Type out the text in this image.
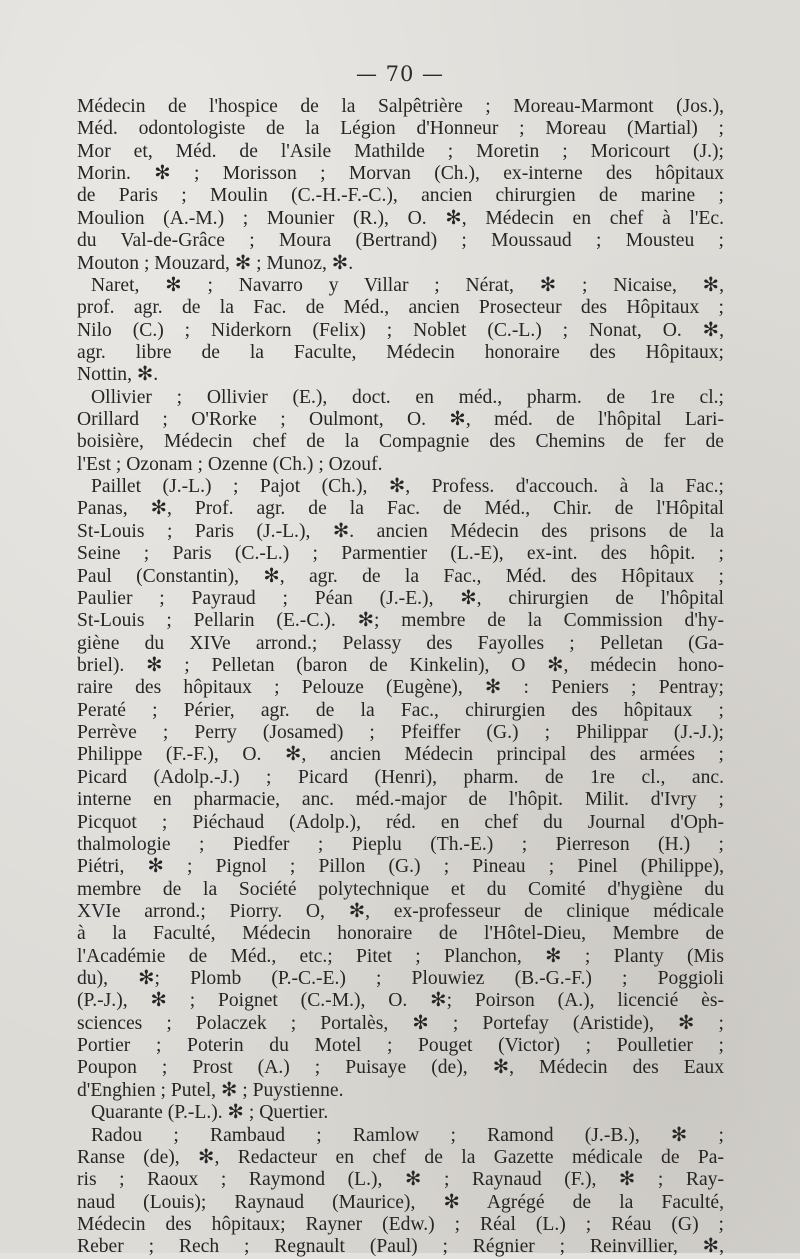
— 70 —
Médecin de l'hospice de la Salpêtrière ; Moreau-Marmont (Jos.),
Méd. odontologiste de la Légion d'Honneur ; Moreau (Martial) ;
Mor et, Méd. de l'Asile Mathilde ; Moretin ; Moricourt (J.);
Morin. ✻ ; Morisson ; Morvan (Ch.), ex-interne des hôpitaux
de Paris ; Moulin (C.-H.-F.-C.), ancien chirurgien de marine ;
Moulion (A.-M.) ; Mounier (R.), O. ✻, Médecin en chef à l'Ec.
du Val-de-Grâce ; Moura (Bertrand) ; Moussaud ; Mousteu ;
Mouton ; Mouzard, ✻ ; Munoz, ✻.
Naret, ✻ ; Navarro y Villar ; Nérat, ✻ ; Nicaise, ✻,
prof. agr. de la Fac. de Méd., ancien Prosecteur des Hôpitaux ;
Nilo (C.) ; Niderkorn (Felix) ; Noblet (C.-L.) ; Nonat, O. ✻,
agr. libre de la Faculte, Médecin honoraire des Hôpitaux;
Nottin, ✻.
Ollivier ; Ollivier (E.), doct. en méd., pharm. de 1re cl.;
Orillard ; O'Rorke ; Oulmont, O. ✻, méd. de l'hôpital Lari-
boisière, Médecin chef de la Compagnie des Chemins de fer de
l'Est ; Ozonam ; Ozenne (Ch.) ; Ozouf.
Paillet (J.-L.) ; Pajot (Ch.), ✻, Profess. d'accouch. à la Fac.;
Panas, ✻, Prof. agr. de la Fac. de Méd., Chir. de l'Hôpital
St-Louis ; Paris (J.-L.), ✻. ancien Médecin des prisons de la
Seine ; Paris (C.-L.) ; Parmentier (L.-E), ex-int. des hôpit. ;
Paul (Constantin), ✻, agr. de la Fac., Méd. des Hôpitaux ;
Paulier ; Payraud ; Péan (J.-E.), ✻, chirurgien de l'hôpital
St-Louis ; Pellarin (E.-C.). ✻; membre de la Commission d'hy-
giène du XIVe arrond.; Pelassy des Fayolles ; Pelletan (Ga-
briel). ✻ ; Pelletan (baron de Kinkelin), O ✻, médecin hono-
raire des hôpitaux ; Pelouze (Eugène), ✻ : Peniers ; Pentray;
Peraté ; Périer, agr. de la Fac., chirurgien des hôpitaux ;
Perrève ; Perry (Josamed) ; Pfeiffer (G.) ; Philippar (J.-J.);
Philippe (F.-F.), O. ✻, ancien Médecin principal des armées ;
Picard (Adolp.-J.) ; Picard (Henri), pharm. de 1re cl., anc.
interne en pharmacie, anc. méd.-major de l'hôpit. Milit. d'Ivry ;
Picquot ; Piéchaud (Adolp.), réd. en chef du Journal d'Oph-
thalmologie ; Piedfer ; Pieplu (Th.-E.) ; Pierreson (H.) ;
Piétri, ✻ ; Pignol ; Pillon (G.) ; Pineau ; Pinel (Philippe),
membre de la Société polytechnique et du Comité d'hygiène du
XVIe arrond.; Piorry. O, ✻, ex-professeur de clinique médicale
à la Faculté, Médecin honoraire de l'Hôtel-Dieu, Membre de
l'Académie de Méd., etc.; Pitet ; Planchon, ✻ ; Planty (Mis
du), ✻; Plomb (P.-C.-E.) ; Plouwiez (B.-G.-F.) ; Poggioli
(P.-J.), ✻ ; Poignet (C.-M.), O. ✻; Poirson (A.), licencié ès-
sciences ; Polaczek ; Portalès, ✻ ; Portefay (Aristide), ✻ ;
Portier ; Poterin du Motel ; Pouget (Victor) ; Poulletier ;
Poupon ; Prost (A.) ; Puisaye (de), ✻, Médecin des Eaux
d'Enghien ; Putel, ✻ ; Puystienne.
Quarante (P.-L.). ✻ ; Quertier.
Radou ; Rambaud ; Ramlow ; Ramond (J.-B.), ✻ ;
Ranse (de), ✻, Redacteur en chef de la Gazette médicale de Pa-
ris ; Raoux ; Raymond (L.), ✻ ; Raynaud (F.), ✻ ; Ray-
naud (Louis); Raynaud (Maurice), ✻ Agrégé de la Faculté,
Médecin des hôpitaux; Rayner (Edw.) ; Réal (L.) ; Réau (G) ;
Reber ; Rech ; Regnault (Paul) ; Régnier ; Reinvillier, ✻,
